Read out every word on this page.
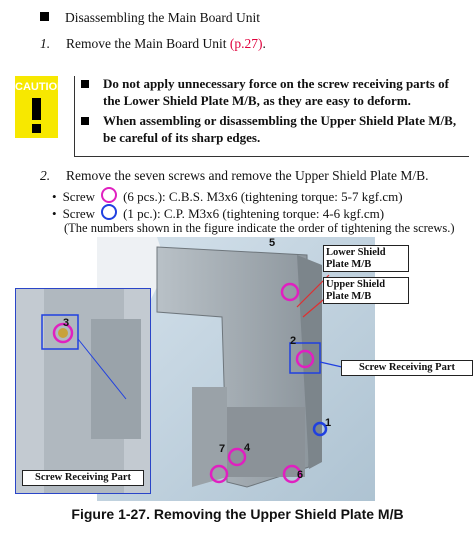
Disassembling the Main Board Unit
1. Remove the Main Board Unit (p.27).
CAUTION	Do not apply unnecessary force on the screw receiving parts of the Lower Shield Plate M/B, as they are easy to deform.
When assembling or disassembling the Upper Shield Plate M/B, be careful of its sharp edges.
2. Remove the seven screws and remove the Upper Shield Plate M/B.
• Screw (6 pcs.): C.B.S. M3x6 (tightening torque: 5-7 kgf.cm)
• Screw (1 pc.): C.P. M3x6 (tightening torque: 4-6 kgf.cm)
(The numbers shown in the figure indicate the order of tightening the screws.)
5
2
1
4
7
6
Lower Shield Plate M/B
Upper Shield Plate M/B
Screw Receiving Part
3
Screw Receiving Part
Figure 1-27. Removing the Upper Shield Plate M/B
